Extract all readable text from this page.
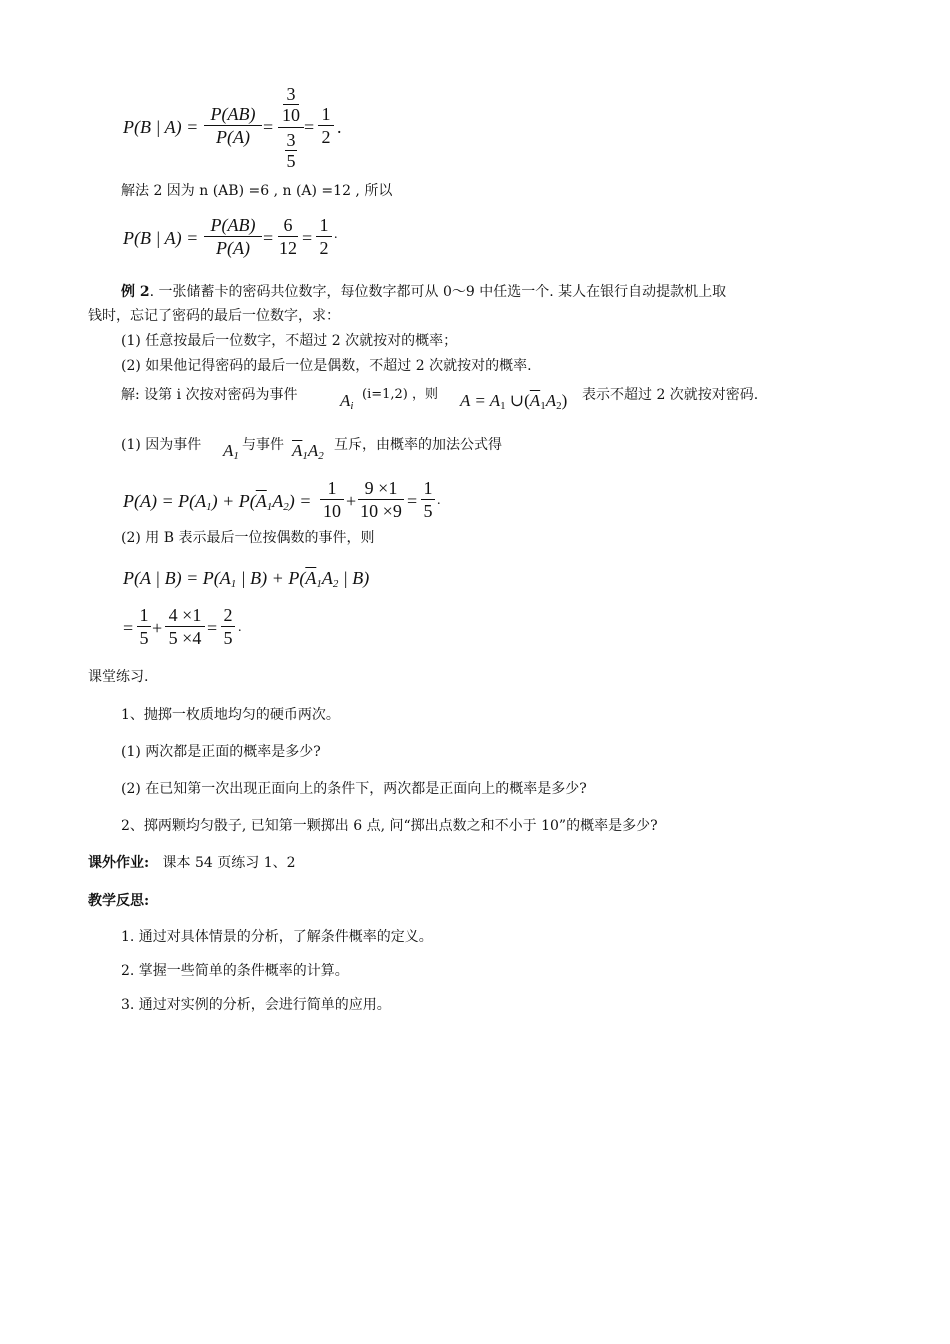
P(B | A) =
P(AB)
P(A) =
3
10
3
5
=
1
2 .
解法 2 因为 n (AB) =6 , n (A) =12 , 所以
P(B | A) =
P(AB)
P(A) =
6
12 =
1
2
.
例 2. 一张储蓄卡的密码共位数字，每位数字都可从 0～9 中任选一个. 某人在银行自动提款机上取
钱时，忘记了密码的最后一位数字，求：
(1) 任意按最后一位数字，不超过 2 次就按对的概率；
(2) 如果他记得密码的最后一位是偶数，不超过 2 次就按对的概率.
解: 设第 i 次按对密码为事件 $A_i$
(i=1,2) ，则 $A = A_1$ $\cup(\overline{A}_1A_2)$ 表示不超过 2 次就按对密码.
(1) 因为事件 $A_1$
与事件 $\overline{A}_1A_2$
互斥，由概率的加法公式得
$P(A) = P(A_1) + P(\overline{A}_1A_2)$ =
1
10 +
9 ×1
10 ×9 =
1
5
.
(2) 用 B 表示最后一位按偶数的事件，则
P(A | $B) = P(A_1$ | $B) + P(\overline{A}_1A_2$ | B)
=
1
5 +
4 ×1
5 ×4 =
2
5
.
课堂练习.
1、抛掷一枚质地均匀的硬币两次。
(1) 两次都是正面的概率是多少?
(2) 在已知第一次出现正面向上的条件下，两次都是正面向上的概率是多少?
2、掷两颗均匀骰子, 已知第一颗掷出 6 点, 问“掷出点数之和不小于 10”的概率是多少?
课外作业: 课本 54 页练习 1、2
教学反思:
1. 通过对具体情景的分析，了解条件概率的定义。
2. 掌握一些简单的条件概率的计算。
3. 通过对实例的分析，会进行简单的应用。
